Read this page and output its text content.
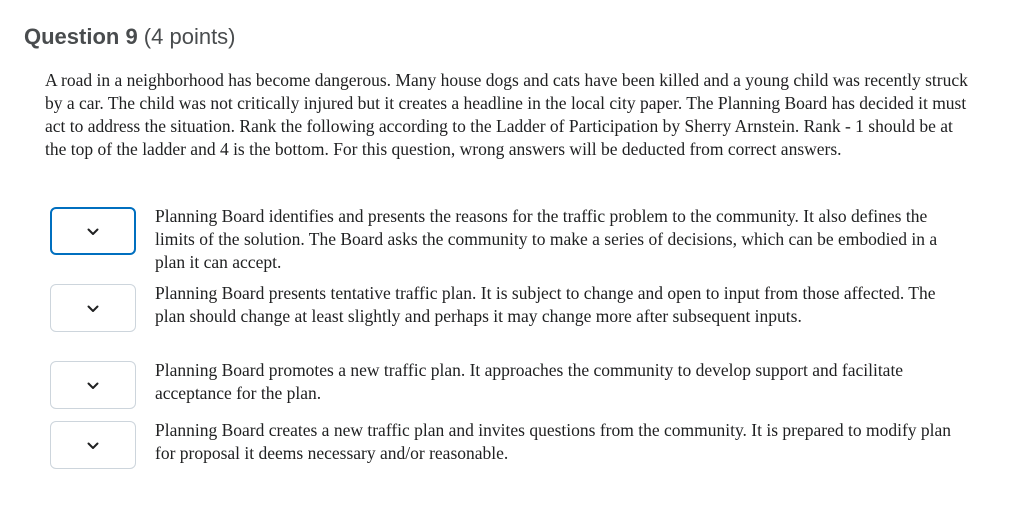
Question 9 (4 points)

A road in a neighborhood has become dangerous. Many house dogs and cats have been killed and a young child was recently struck by a car. The child was not critically injured but it creates a headline in the local city paper. The Planning Board has decided it must act to address the situation. Rank the following according to the Ladder of Participation by Sherry Arnstein. Rank - 1 should be at the top of the ladder and 4 is the bottom. For this question, wrong answers will be deducted from correct answers.

Planning Board identifies and presents the reasons for the traffic problem to the community. It also defines the limits of the solution. The Board asks the community to make a series of decisions, which can be embodied in a plan it can accept.

Planning Board presents tentative traffic plan. It is subject to change and open to input from those affected. The plan should change at least slightly and perhaps it may change more after subsequent inputs.

Planning Board promotes a new traffic plan. It approaches the community to develop support and facilitate acceptance for the plan.

Planning Board creates a new traffic plan and invites questions from the community. It is prepared to modify plan for proposal it deems necessary and/or reasonable.
